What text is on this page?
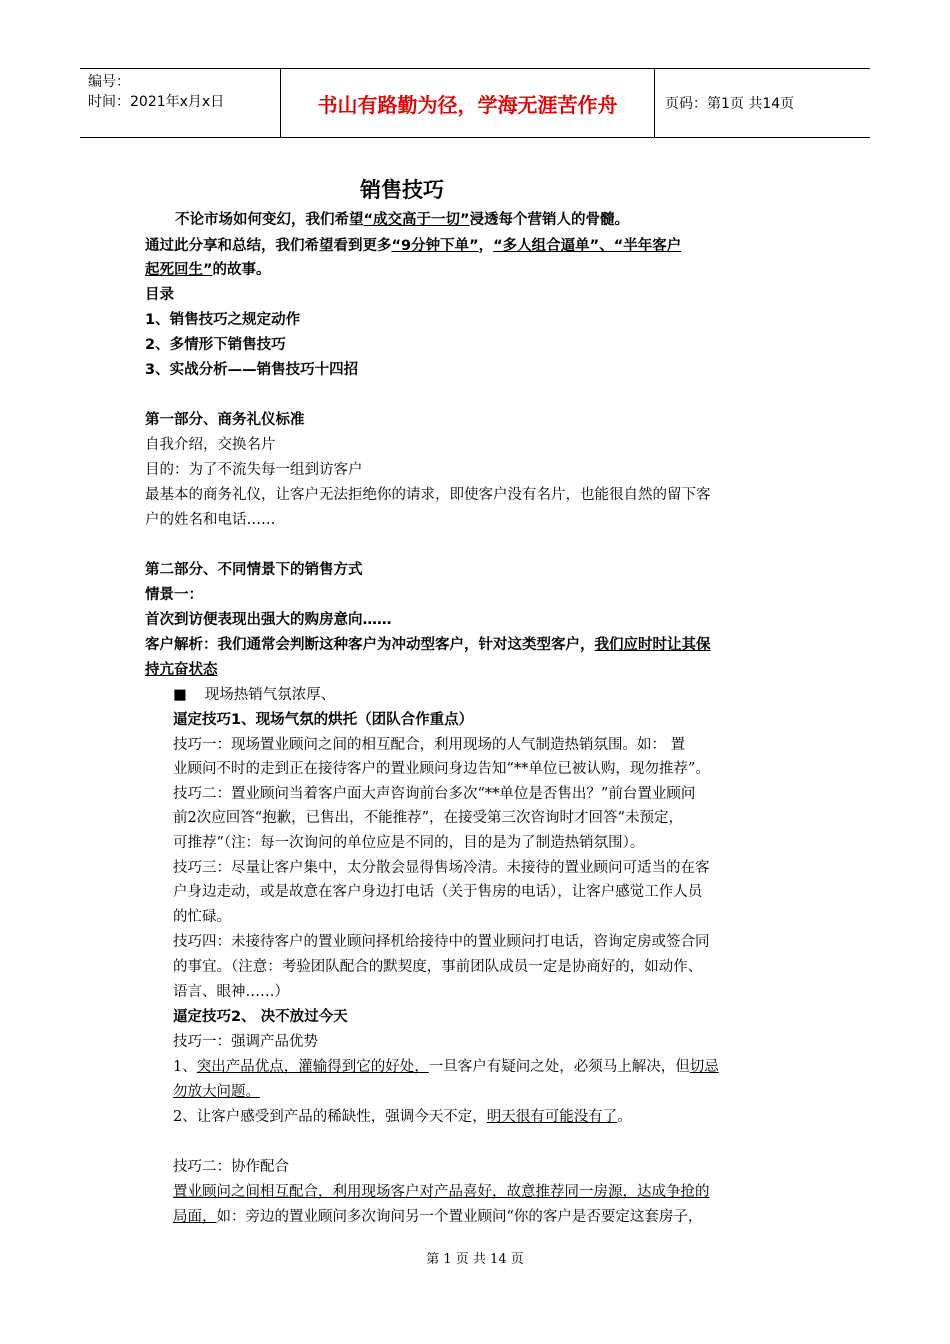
编号：
时间：2021年x月x日	书山有路勤为径，学海无涯苦作舟	页码：第1页 共14页
销售技巧
不论市场如何变幻，我们希望“成交高于一切”浸透每个营销人的骨髓。
通过此分享和总结，我们希望看到更多“9分钟下单”，“多人组合逼单”、“半年客户
起死回生”的故事。
目录
1、销售技巧之规定动作
2、多情形下销售技巧
3、实战分析——销售技巧十四招
第一部分、商务礼仪标准
自我介绍，交换名片
目的：为了不流失每一组到访客户
最基本的商务礼仪，让客户无法拒绝你的请求，即使客户没有名片，也能很自然的留下客
户的姓名和电话……
第二部分、不同情景下的销售方式
情景一：
首次到访便表现出强大的购房意向……
客户解析：我们通常会判断这种客户为冲动型客户，针对这类型客户，我们应时时让其保
持亢奋状态
■ 现场热销气氛浓厚、
逼定技巧1、现场气氛的烘托（团队合作重点）
技巧一：现场置业顾问之间的相互配合，利用现场的人气制造热销氛围。如： 置
业顾问不时的走到正在接待客户的置业顾问身边告知“**单位已被认购，现勿推荐”。
技巧二：置业顾问当着客户面大声咨询前台多次“**单位是否售出？”前台置业顾问
前2次应回答“抱歉，已售出，不能推荐”，在接受第三次咨询时才回答“未预定，
可推荐”（注：每一次询问的单位应是不同的，目的是为了制造热销氛围）。
技巧三：尽量让客户集中，太分散会显得售场冷清。未接待的置业顾问可适当的在客
户身边走动，或是故意在客户身边打电话（关于售房的电话），让客户感觉工作人员
的忙碌。
技巧四：未接待客户的置业顾问择机给接待中的置业顾问打电话，咨询定房或签合同
的事宜。（注意：考验团队配合的默契度，事前团队成员一定是协商好的，如动作、
语言、眼神……）
逼定技巧2、 决不放过今天
技巧一：强调产品优势
1、突出产品优点，灌输得到它的好处，一旦客户有疑问之处，必须马上解决，但切忌
勿放大问题。
2、让客户感受到产品的稀缺性，强调今天不定，明天很有可能没有了。
技巧二：协作配合
置业顾问之间相互配合，利用现场客户对产品喜好，故意推荐同一房源，达成争抢的
局面，如：旁边的置业顾问多次询问另一个置业顾问“你的客户是否要定这套房子，
第 1 页 共 14 页
